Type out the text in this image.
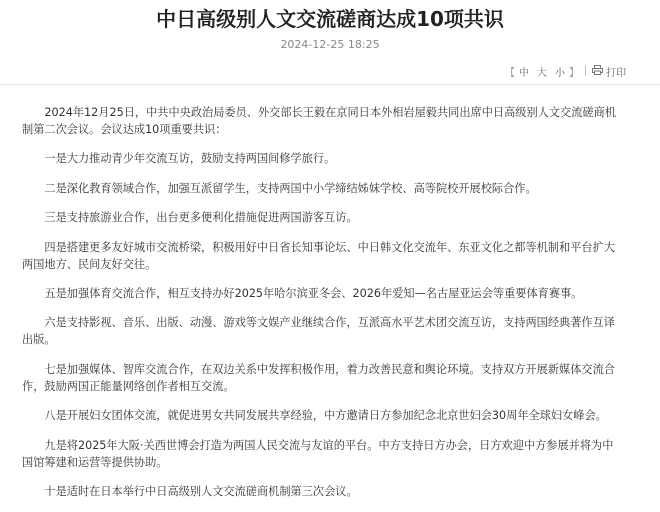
中日高级别人文交流磋商达成10项共识
2024-12-25 18:25
【 中 大 小 】	打印

2024年12月25日，中共中央政治局委员、外交部长王毅在京同日本外相岩屋毅共同出席中日高级别人文交流磋商机制第二次会议。会议达成10项重要共识：

一是大力推动青少年交流互访，鼓励支持两国间修学旅行。

二是深化教育领域合作，加强互派留学生，支持两国中小学缔结姊妹学校、高等院校开展校际合作。

三是支持旅游业合作，出台更多便利化措施促进两国游客互访。

四是搭建更多友好城市交流桥梁，积极用好中日省长知事论坛、中日韩文化交流年、东亚文化之都等机制和平台扩大两国地方、民间友好交往。

五是加强体育交流合作，相互支持办好2025年哈尔滨亚冬会、2026年爱知—名古屋亚运会等重要体育赛事。

六是支持影视、音乐、出版、动漫、游戏等文娱产业继续合作，互派高水平艺术团交流互访，支持两国经典著作互译出版。

七是加强媒体、智库交流合作，在双边关系中发挥积极作用，着力改善民意和舆论环境。支持双方开展新媒体交流合作，鼓励两国正能量网络创作者相互交流。

八是开展妇女团体交流，就促进男女共同发展共享经验，中方邀请日方参加纪念北京世妇会30周年全球妇女峰会。

九是将2025年大阪·关西世博会打造为两国人民交流与友谊的平台。中方支持日方办会，日方欢迎中方参展并将为中国馆筹建和运营等提供协助。

十是适时在日本举行中日高级别人文交流磋商机制第三次会议。
